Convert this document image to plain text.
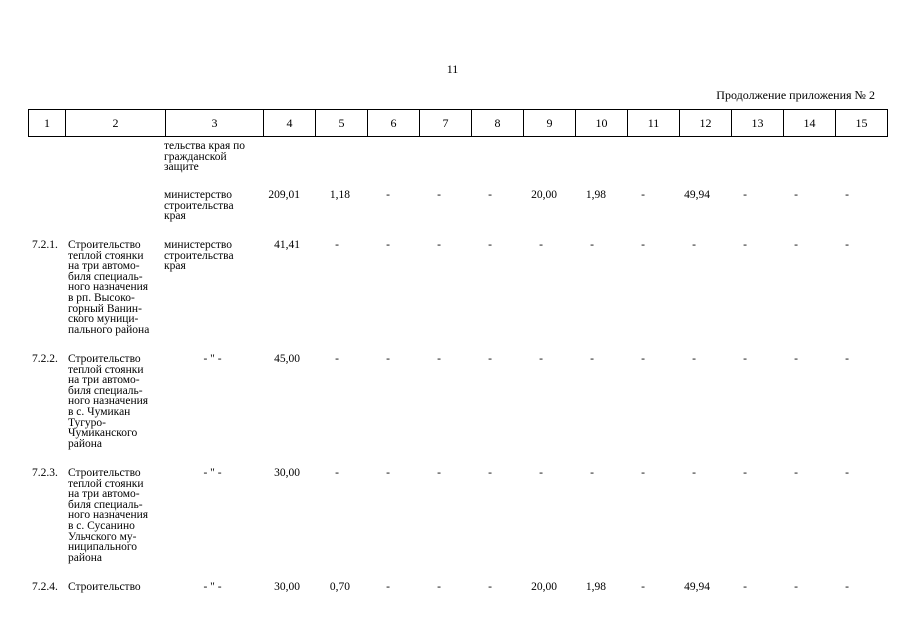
11
Продолжение приложения № 2
1	2	3	4	5	6	7	8	9	10	11	12	13	14	15
тельства края по
гражданской
защите
министерство
строительства
края
209,01	1,18	-	-	-	20,00	1,98	-	49,94	-	-	-
7.2.1. Строительство
теплой стоянки
на три автомо-
биля специаль-
ного назначения
в рп. Высоко-
горный Ванин-
ского муници-
пального района
министерство
строительства
края
41,41	-	-	-	-	-	-	-	-	-	-	-
7.2.2. Строительство
теплой стоянки
на три автомо-
биля специаль-
ного назначения
в с. Чумикан
Тугуро-
Чумиканского
района
- " -	45,00	-	-	-	-	-	-	-	-	-	-	-
7.2.3. Строительство
теплой стоянки
на три автомо-
биля специаль-
ного назначения
в с. Сусанино
Ульчского му-
ниципального
района
- " -	30,00	-	-	-	-	-	-	-	-	-	-	-
7.2.4. Строительство	- " -	30,00	0,70	-	-	-	20,00	1,98	-	49,94	-	-	-
